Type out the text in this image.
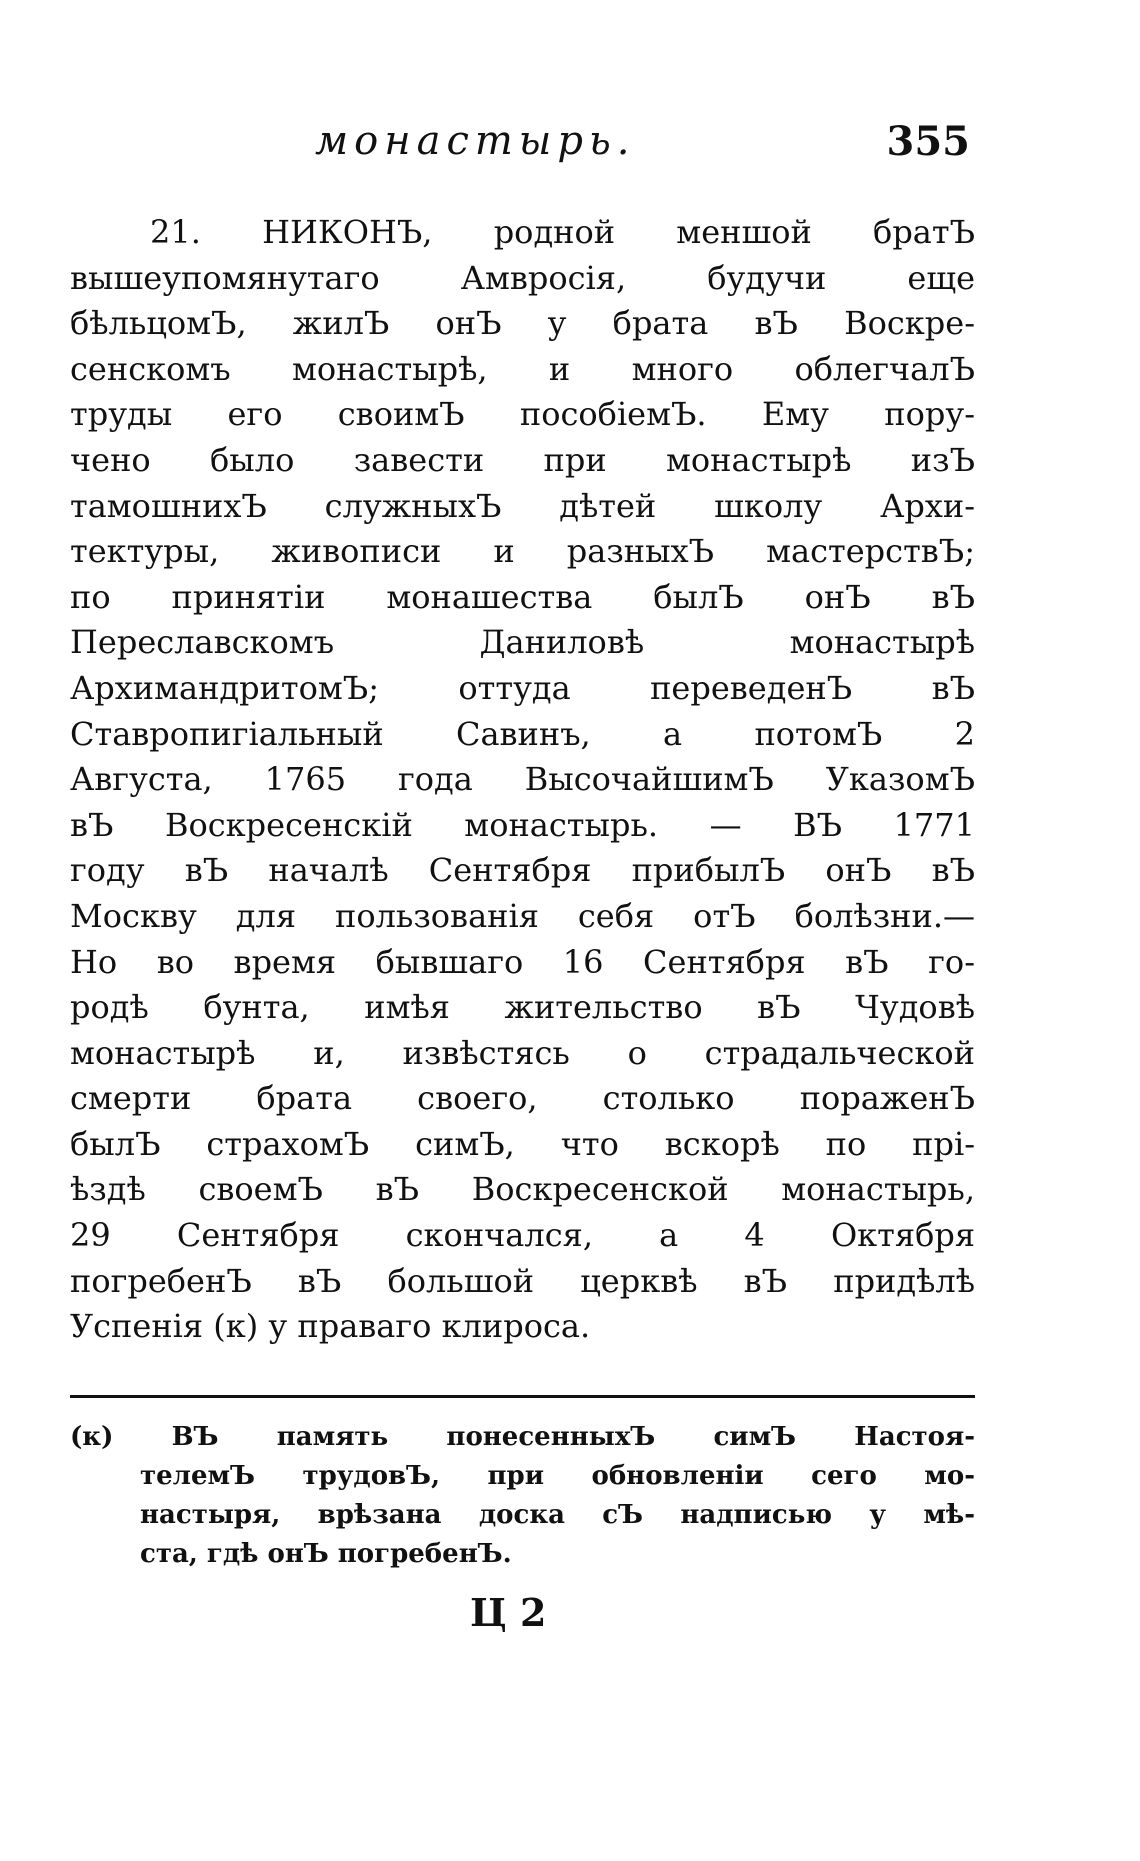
монастырь.	355
21. НИКОНЪ, родной меншой братЪ
вышеупомянутаго Амвросія, будучи еще
бѣльцомЪ, жилЪ онЪ у брата вЪ Воскре-
сенскомъ монастырѣ, и много облегчалЪ
труды его своимЪ пособіемЪ. Ему пору-
чено было завести при монастырѣ изЪ
тамошнихЪ служныхЪ дѣтей школу Архи-
тектуры, живописи и разныхЪ мастерствЪ;
по принятіи монашества былЪ онЪ вЪ
Переславскомъ Даниловѣ монастырѣ
АрхимандритомЪ; оттуда переведенЪ вЪ
Ставропигіальный Савинъ, а потомЪ 2
Августа, 1765 года ВысочайшимЪ УказомЪ
вЪ Воскресенскій монастырь. — ВЪ 1771
году вЪ началѣ Сентября прибылЪ онЪ вЪ
Москву для пользованія себя отЪ болѣзни.—
Но во время бывшаго 16 Сентября вЪ го-
родѣ бунта, имѣя жительство вЪ Чудовѣ
монастырѣ и, извѣстясь о страдальческой
смерти брата своего, столько пораженЪ
былЪ страхомЪ симЪ, что вскорѣ по прі-
ѣздѣ своемЪ вЪ Воскресенской монастырь,
29 Сентября скончался, а 4 Октября
погребенЪ вЪ большой церквѣ вЪ придѣлѣ
Успенія (к) у праваго клироса.
(к) ВЪ память понесенныхЪ симЪ Настоя-
телемЪ трудовЪ, при обновленіи сего мо-
настыря, врѣзана доска сЪ надписью у мѣ-
ста, гдѣ онЪ погребенЪ.
Ц 2
